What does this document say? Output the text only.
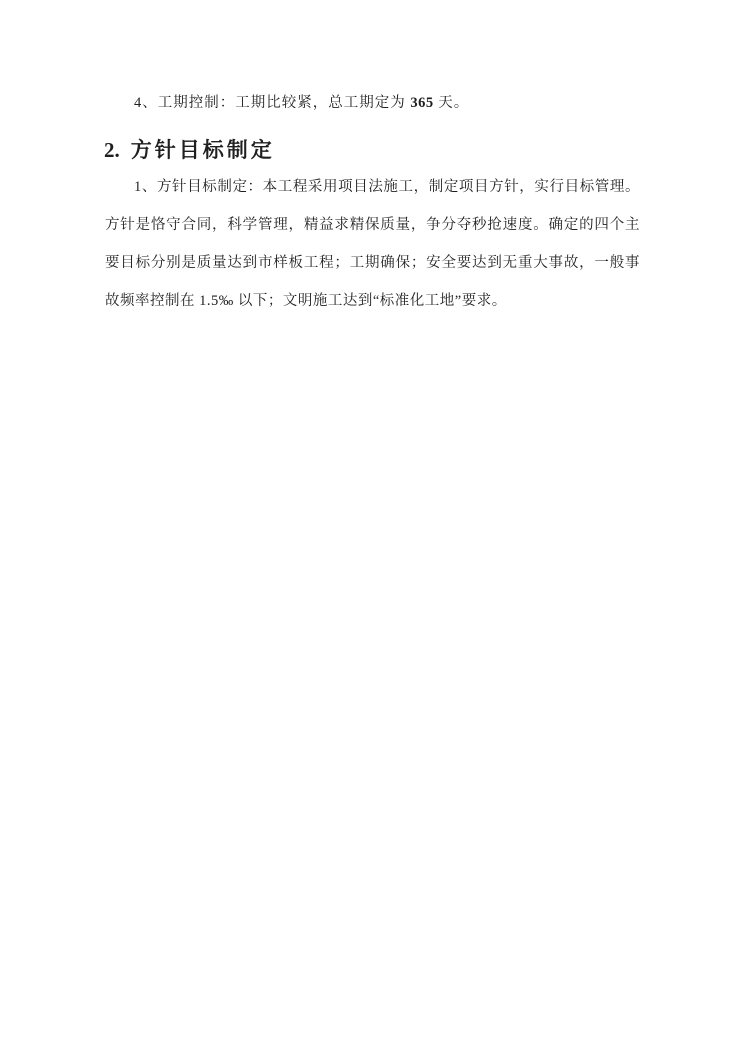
4、工期控制：工期比较紧，总工期定为 365 天。

2. 方针目标制定
1、方针目标制定：本工程采用项目法施工，制定项目方针，实行目标管理。
方针是恪守合同，科学管理，精益求精保质量，争分夺秒抢速度。确定的四个主
要目标分别是质量达到市样板工程；工期确保；安全要达到无重大事故，一般事
故频率控制在 1.5‰ 以下；文明施工达到“标准化工地”要求。
